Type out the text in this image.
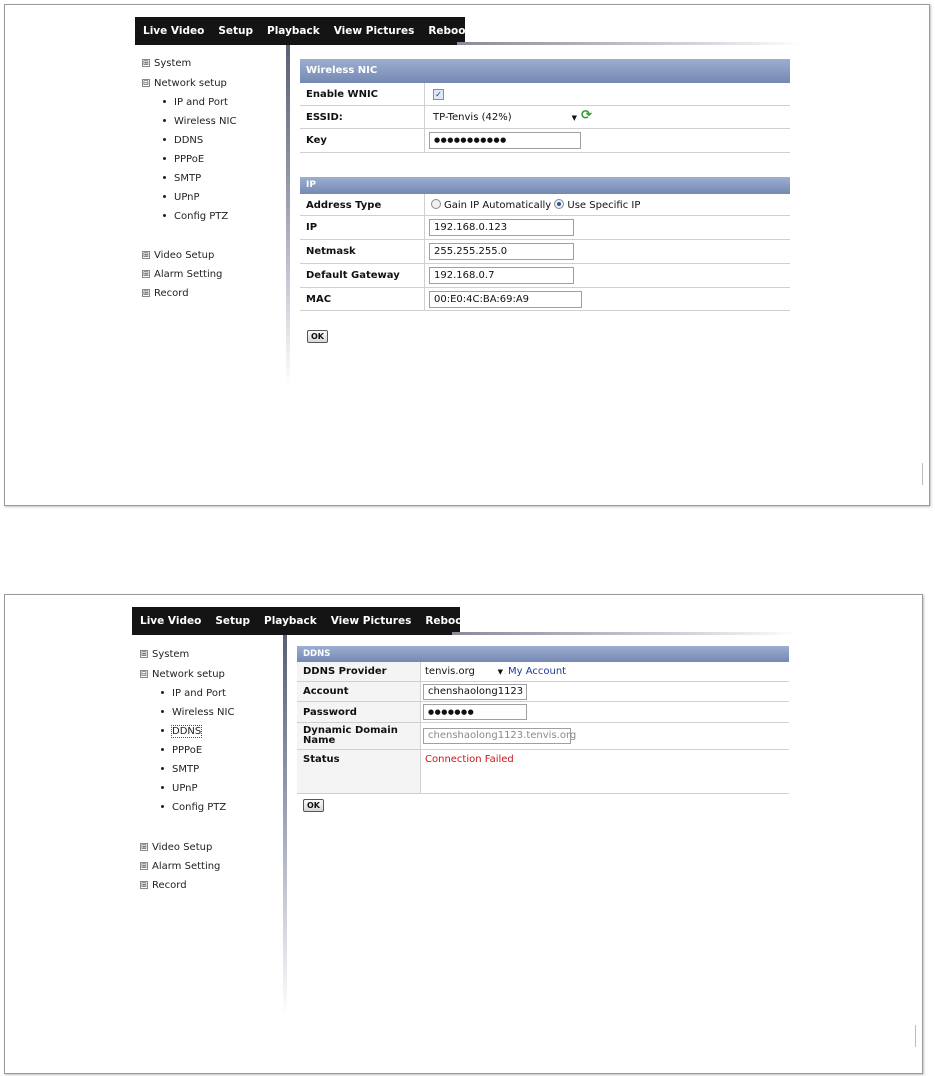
Live Video Setup Playback View Pictures Reboot Exit
⊞ System
⊟ Network setup
IP and Port
Wireless NIC
DDNS
PPPoE
SMTP
UPnP
Config PTZ
⊞ Video Setup
⊞ Alarm Setting
⊞ Record
Wireless NIC
Enable WNIC	✓
ESSID:	TP-Tenvis (42%)	▼ ⟳
Key	●●●●●●●●●●●
IP
Address Type	Gain IP Automatically Use Specific IP
IP	192.168.0.123
Netmask	255.255.255.0
Default Gateway	192.168.0.7
MAC	00:E0:4C:BA:69:A9
OK
Live Video Setup Playback View Pictures Reboot Exit
⊞ System
⊟ Network setup
IP and Port
Wireless NIC
DDNS
PPPoE
SMTP
UPnP
Config PTZ
⊞ Video Setup
⊞ Alarm Setting
⊞ Record
DDNS
DDNS Provider	tenvis.org	▼ My Account
Account	chenshaolong1123
Password	●●●●●●●
Dynamic Domain
Name	chenshaolong1123.tenvis.org
Status	Connection Failed
OK
